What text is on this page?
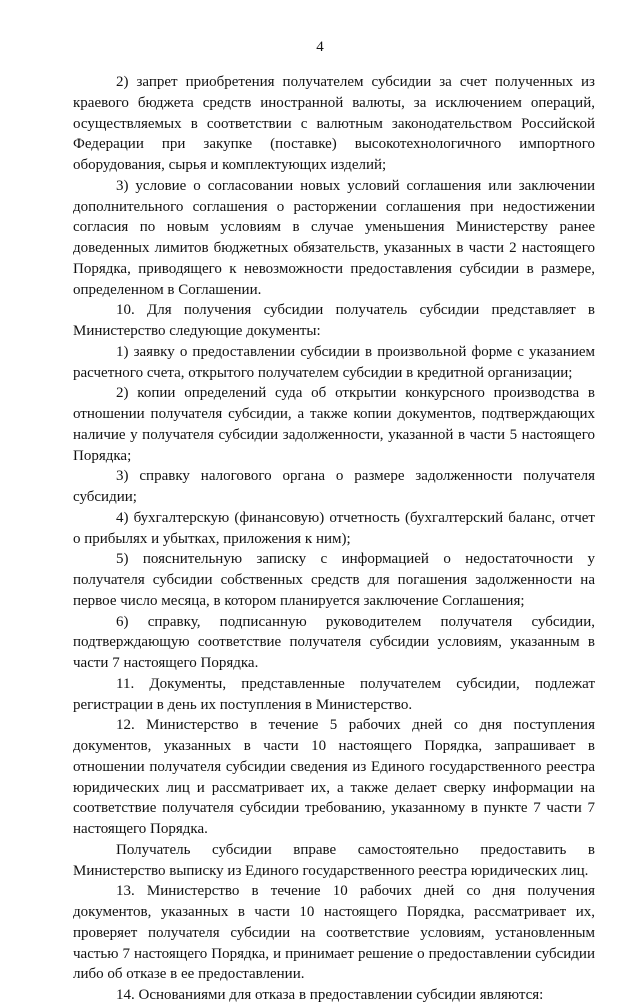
4

2) запрет приобретения получателем субсидии за счет полученных из краевого бюджета средств иностранной валюты, за исключением операций, осуществляемых в соответствии с валютным законодательством Российской Федерации при закупке (поставке) высокотехнологичного импортного оборудования, сырья и комплектующих изделий;

3) условие о согласовании новых условий соглашения или заключении дополнительного соглашения о расторжении соглашения при недостижении согласия по новым условиям в случае уменьшения Министерству ранее доведенных лимитов бюджетных обязательств, указанных в части 2 настоящего Порядка, приводящего к невозможности предоставления субсидии в размере, определенном в Соглашении.

10. Для получения субсидии получатель субсидии представляет в Министерство следующие документы:

1) заявку о предоставлении субсидии в произвольной форме с указанием расчетного счета, открытого получателем субсидии в кредитной организации;

2) копии определений суда об открытии конкурсного производства в отношении получателя субсидии, а также копии документов, подтверждающих наличие у получателя субсидии задолженности, указанной в части 5 настоящего Порядка;

3) справку налогового органа о размере задолженности получателя субсидии;

4) бухгалтерскую (финансовую) отчетность (бухгалтерский баланс, отчет о прибылях и убытках, приложения к ним);

5) пояснительную записку с информацией о недостаточности у получателя субсидии собственных средств для погашения задолженности на первое число месяца, в котором планируется заключение Соглашения;

6) справку, подписанную руководителем получателя субсидии, подтверждающую соответствие получателя субсидии условиям, указанным в части 7 настоящего Порядка.

11. Документы, представленные получателем субсидии, подлежат регистрации в день их поступления в Министерство.

12. Министерство в течение 5 рабочих дней со дня поступления документов, указанных в части 10 настоящего Порядка, запрашивает в отношении получателя субсидии сведения из Единого государственного реестра юридических лиц и рассматривает их, а также делает сверку информации на соответствие получателя субсидии требованию, указанному в пункте 7 части 7 настоящего Порядка.

Получатель субсидии вправе самостоятельно предоставить в Министерство выписку из Единого государственного реестра юридических лиц.

13. Министерство в течение 10 рабочих дней со дня получения документов, указанных в части 10 настоящего Порядка, рассматривает их, проверяет получателя субсидии на соответствие условиям, установленным частью 7 настоящего Порядка, и принимает решение о предоставлении субсидии либо об отказе в ее предоставлении.

14. Основаниями для отказа в предоставлении субсидии являются:
